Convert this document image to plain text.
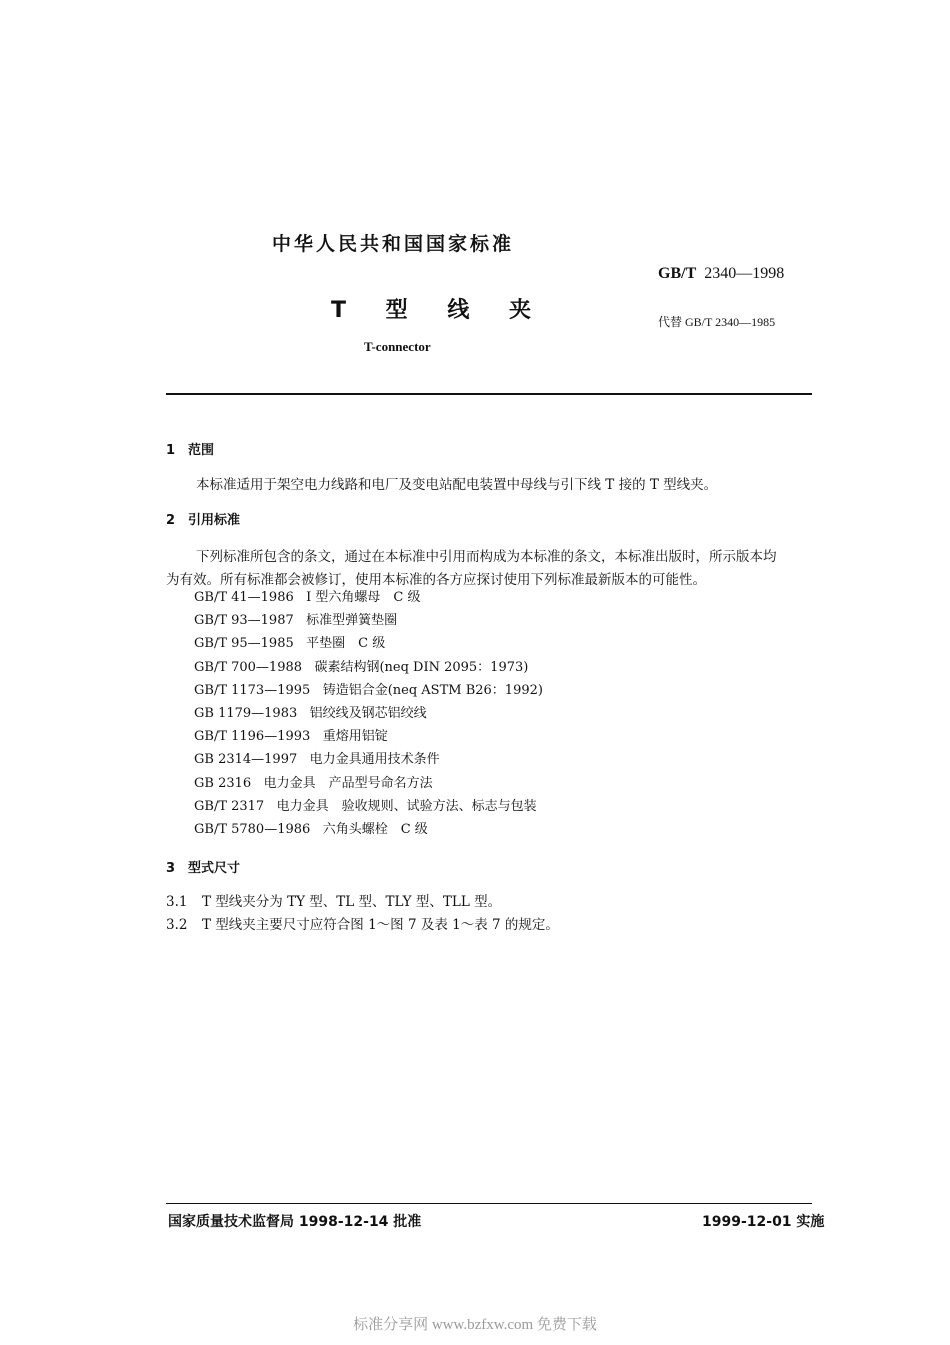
中华人民共和国国家标准
GB/T 2340—1998
T 型 线 夹	代替 GB/T 2340—1985
T-connector
1 范围
本标准适用于架空电力线路和电厂及变电站配电装置中母线与引下线 T 接的 T 型线夹。
2 引用标准
下列标准所包含的条文，通过在本标准中引用而构成为本标准的条文，本标准出版时，所示版本均
为有效。所有标准都会被修订，使用本标准的各方应探讨使用下列标准最新版本的可能性。
GB/T 41—1986 I 型六角螺母　C 级
GB/T 93—1987 标准型弹簧垫圈
GB/T 95—1985 平垫圈　C 级
GB/T 700—1988 碳素结构钢(neq DIN 2095：1973)
GB/T 1173—1995 铸造铝合金(neq ASTM B26：1992)
GB 1179—1983 铝绞线及钢芯铝绞线
GB/T 1196—1993 重熔用铝锭
GB 2314—1997 电力金具通用技术条件
GB 2316 电力金具　产品型号命名方法
GB/T 2317 电力金具　验收规则、试验方法、标志与包装
GB/T 5780—1986 六角头螺栓　C 级
3 型式尺寸
3.1 T 型线夹分为 TY 型、TL 型、TLY 型、TLL 型。
3.2 T 型线夹主要尺寸应符合图 1～图 7 及表 1～表 7 的规定。
国家质量技术监督局 1998-12-14 批准	1999-12-01 实施
标准分享网 www.bzfxw.com 免费下载
